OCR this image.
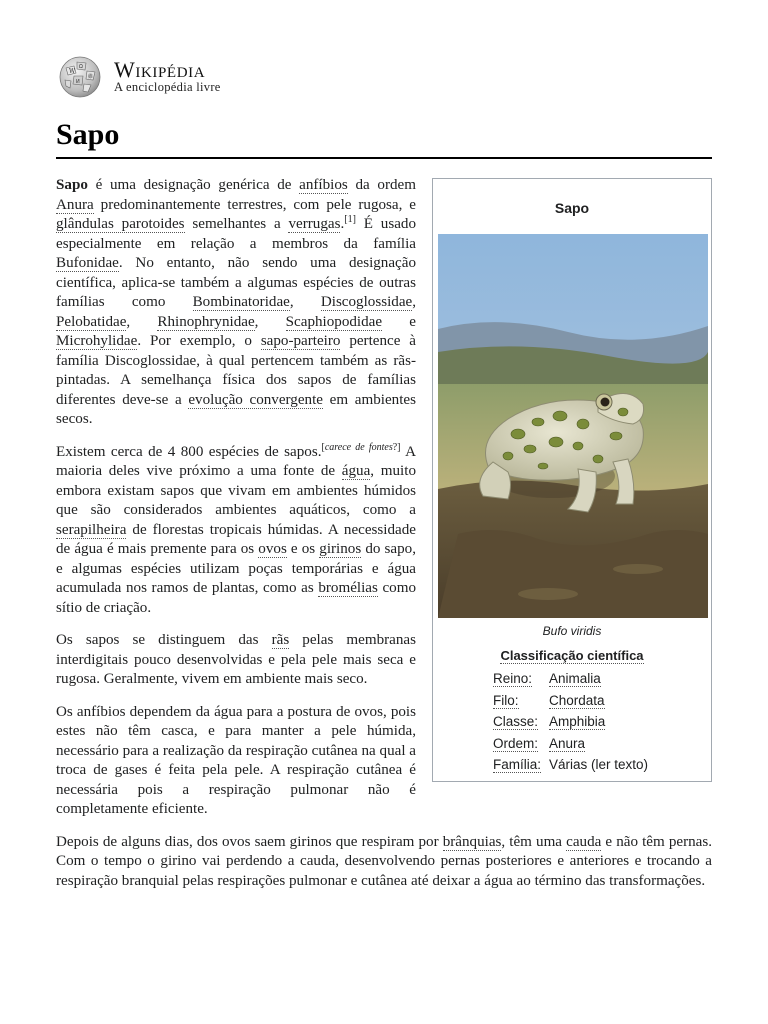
W
Ω
И
維 Wikipédia
A enciclopédia livre
Sapo
Sapo
Bufo viridis
Classificação científica
Reino:	Animalia
Filo:	Chordata
Classe:	Amphibia
Ordem:	Anura
Família:	Várias (ler texto)

Sapo é uma designação genérica de anfíbios da ordem Anura predominantemente terrestres, com pele rugosa, e glândulas parotoides semelhantes a verrugas.[1] É usado especialmente em relação a membros da família Bufonidae. No entanto, não sendo uma designação científica, aplica-se também a algumas espécies de outras famílias como Bombinatoridae, Discoglossidae, Pelobatidae, Rhinophrynidae, Scaphiopodidae e Microhylidae. Por exemplo, o sapo-parteiro pertence à família Discoglossidae, à qual pertencem também as rãs-pintadas. A semelhança física dos sapos de famílias diferentes deve-se a evolução convergente em ambientes secos.

Existem cerca de 4 800 espécies de sapos.[carece de fontes?] A maioria deles vive próximo a uma fonte de água, muito embora existam sapos que vivam em ambientes húmidos que são considerados ambientes aquáticos, como a serapilheira de florestas tropicais húmidas. A necessidade de água é mais premente para os ovos e os girinos do sapo, e algumas espécies utilizam poças temporárias e água acumulada nos ramos de plantas, como as bromélias como sítio de criação.

Os sapos se distinguem das rãs pelas membranas interdigitais pouco desenvolvidas e pela pele mais seca e rugosa. Geralmente, vivem em ambiente mais seco.

Os anfíbios dependem da água para a postura de ovos, pois estes não têm casca, e para manter a pele húmida, necessário para a realização da respiração cutânea na qual a troca de gases é feita pela pele. A respiração cutânea é necessária pois a respiração pulmonar não é completamente eficiente.

Depois de alguns dias, dos ovos saem girinos que respiram por brânquias, têm uma cauda e não têm pernas. Com o tempo o girino vai perdendo a cauda, desenvolvendo pernas posteriores e anteriores e trocando a respiração branquial pelas respirações pulmonar e cutânea até deixar a água ao término das transformações.
